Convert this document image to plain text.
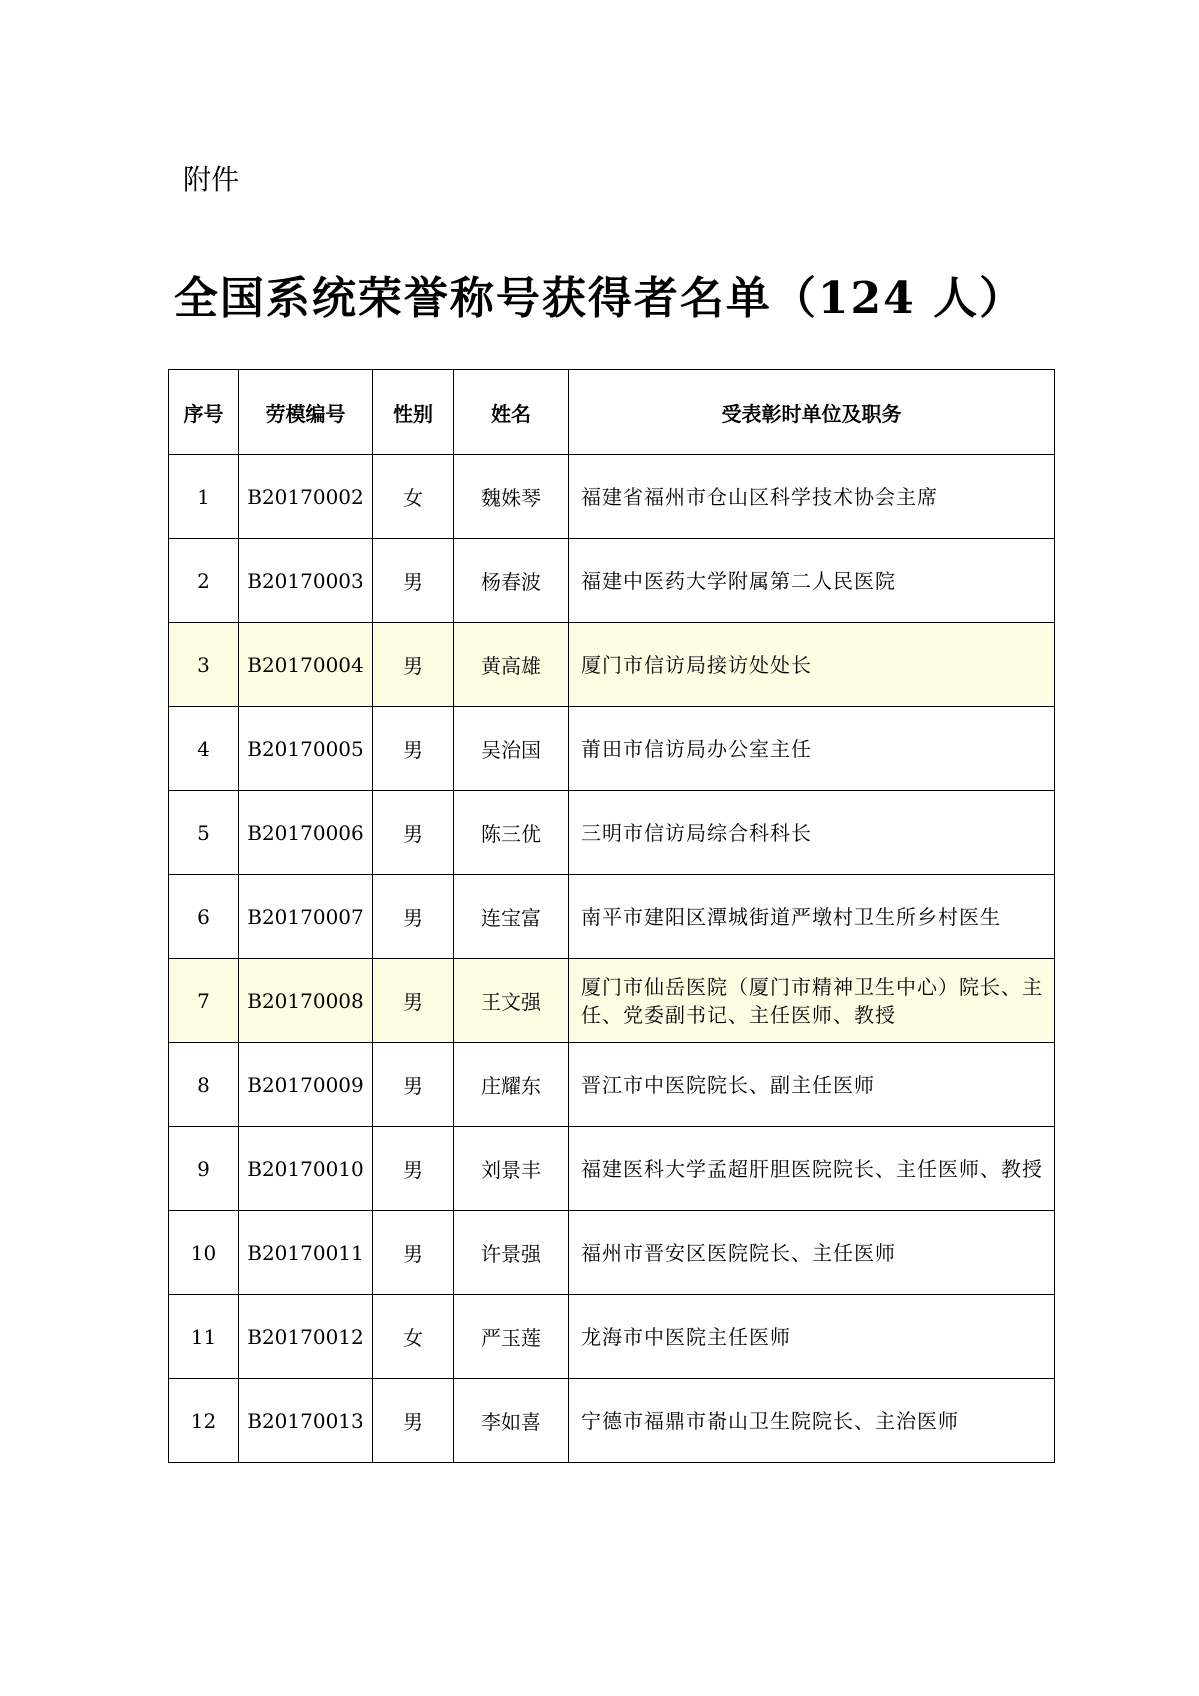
附件
全国系统荣誉称号获得者名单（124 人）
序号	劳模编号	性别	姓名	受表彰时单位及职务
1	B20170002	女	魏姝琴	福建省福州市仓山区科学技术协会主席
2	B20170003	男	杨春波	福建中医药大学附属第二人民医院
3	B20170004	男	黄高雄	厦门市信访局接访处处长
4	B20170005	男	吴治国	莆田市信访局办公室主任
5	B20170006	男	陈三优	三明市信访局综合科科长
6	B20170007	男	连宝富	南平市建阳区潭城街道严墩村卫生所乡村医生
7	B20170008	男	王文强	厦门市仙岳医院（厦门市精神卫生中心）院长、主任、党委副书记、主任医师、教授
8	B20170009	男	庄耀东	晋江市中医院院长、副主任医师
9	B20170010	男	刘景丰	福建医科大学孟超肝胆医院院长、主任医师、教授
10	B20170011	男	许景强	福州市晋安区医院院长、主任医师
11	B20170012	女	严玉莲	龙海市中医院主任医师
12	B20170013	男	李如喜	宁德市福鼎市嵛山卫生院院长、主治医师
